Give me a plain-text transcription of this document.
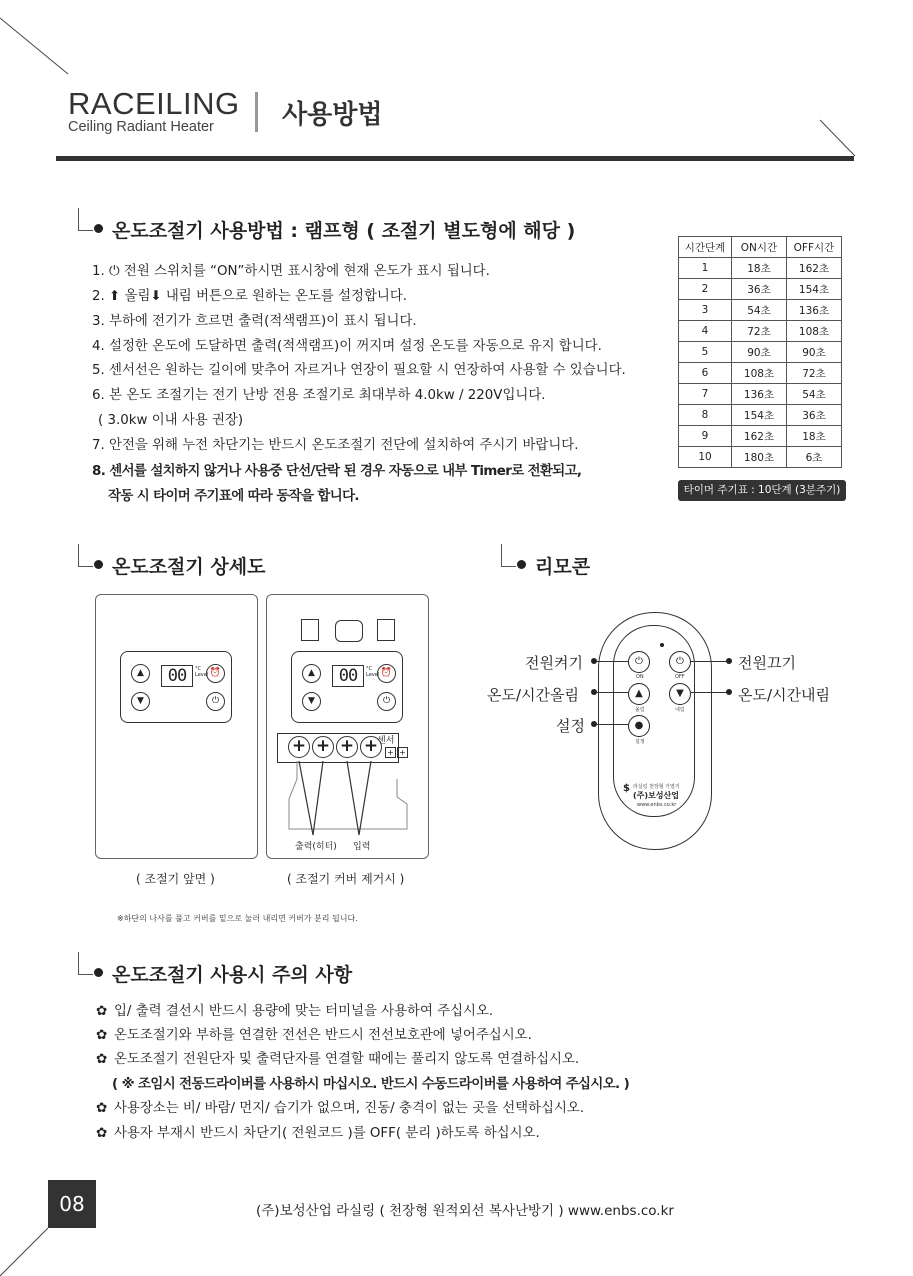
RACEILING
Ceiling Radiant Heater	사용방법
온도조절기 사용방법 : 램프형 ( 조절기 별도형에 해당 )
1. ⏻ 전원 스위치를 “ON”하시면 표시창에 현재 온도가 표시 됩니다.
2. ⬆ 올림⬇ 내림 버튼으로 원하는 온도를 설정합니다.
3. 부하에 전기가 흐르면 출력(적색램프)이 표시 됩니다.
4. 설정한 온도에 도달하면 출력(적색램프)이 꺼지며 설정 온도를 자동으로 유지 합니다.
5. 센서선은 원하는 길이에 맞추어 자르거나 연장이 필요할 시 연장하여 사용할 수 있습니다.
6. 본 온도 조절기는 전기 난방 전용 조절기로 최대부하 4.0kw / 220V입니다.
( 3.0kw 이내 사용 권장)
7. 안전을 위해 누전 차단기는 반드시 온도조절기 전단에 설치하여 주시기 바랍니다.
8. 센서를 설치하지 않거나 사용중 단선/단락 된 경우 자동으로 내부 Timer로 전환되고,
작동 시 타이머 주기표에 따라 동작을 합니다.
시간단계	ON시간	OFF시간
1	18초	162초
2	36초	154초
3	54초	136초
4	72초	108초
5	90초	90초
6	108초	72초
7	136초	54초
8	154초	36초
9	162초	18초
10	180초	6초
타이머 주기표 : 10단계 (3분주기)
온도조절기 상세도	리모콘
▲
▼
00	°C Level ⏰
⏻
▲
▼
00	°C Level ⏰
⏻
+ + + +
센서
+ +
출력(히터) 입력
( 조절기 앞면 )	( 조절기 커버 제거시 )
※하단의 나사를 풀고 커버를 밑으로 눌러 내리면 커버가 분리 됩니다.
⏻
ON
⏻
OFF
▲
올림
▼
내림
●
설정
$ 라실링 천장형 가열기
(주)보성산업
www.enbs.co.kr
전원켜기
온도/시간올림
설정
전원끄기
온도/시간내림
온도조절기 사용시 주의 사항
✿ 입/ 출력 결선시 반드시 용량에 맞는 터미널을 사용하여 주십시오.
✿ 온도조절기와 부하를 연결한 전선은 반드시 전선보호관에 넣어주십시오.
✿ 온도조절기 전원단자 및 출력단자를 연결할 때에는 풀리지 않도록 연결하십시오.
( ※ 조임시 전동드라이버를 사용하시 마십시오. 반드시 수동드라이버를 사용하여 주십시오. )
✿ 사용장소는 비/ 바람/ 먼지/ 습기가 없으며, 진동/ 충격이 없는 곳을 선택하십시오.
✿ 사용자 부재시 반드시 차단기( 전원코드 )를 OFF( 분리 )하도록 하십시오.
08	(주)보성산업 라실링 ( 천장형 원적외선 복사난방기 ) www.enbs.co.kr
